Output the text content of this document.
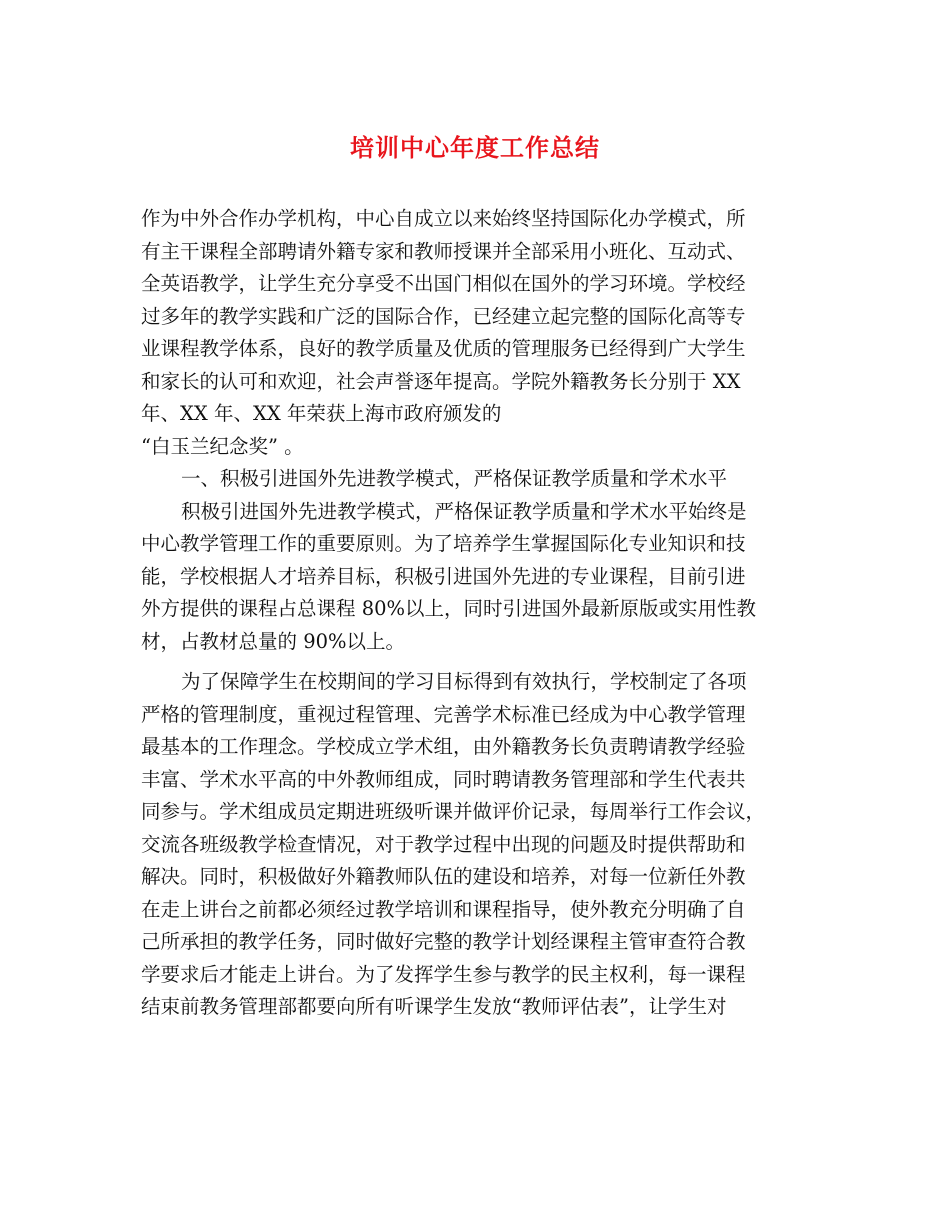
培训中心年度工作总结
作为中外合作办学机构，中心自成立以来始终坚持国际化办学模式，所
有主干课程全部聘请外籍专家和教师授课并全部采用小班化、互动式、
全英语教学，让学生充分享受不出国门相似在国外的学习环境。学校经
过多年的教学实践和广泛的国际合作，已经建立起完整的国际化高等专
业课程教学体系，良好的教学质量及优质的管理服务已经得到广大学生
和家长的认可和欢迎，社会声誉逐年提高。学院外籍教务长分别于 XX
年、XX 年、XX 年荣获上海市政府颁发的
“白玉兰纪念奖” 。
一、积极引进国外先进教学模式，严格保证教学质量和学术水平
积极引进国外先进教学模式，严格保证教学质量和学术水平始终是
中心教学管理工作的重要原则。为了培养学生掌握国际化专业知识和技
能，学校根据人才培养目标，积极引进国外先进的专业课程，目前引进
外方提供的课程占总课程 80%以上，同时引进国外最新原版或实用性教
材，占教材总量的 90%以上。
为了保障学生在校期间的学习目标得到有效执行，学校制定了各项
严格的管理制度，重视过程管理、完善学术标准已经成为中心教学管理
最基本的工作理念。学校成立学术组，由外籍教务长负责聘请教学经验
丰富、学术水平高的中外教师组成，同时聘请教务管理部和学生代表共
同参与。学术组成员定期进班级听课并做评价记录，每周举行工作会议，
交流各班级教学检查情况，对于教学过程中出现的问题及时提供帮助和
解决。同时，积极做好外籍教师队伍的建设和培养，对每一位新任外教
在走上讲台之前都必须经过教学培训和课程指导，使外教充分明确了自
己所承担的教学任务，同时做好完整的教学计划经课程主管审查符合教
学要求后才能走上讲台。为了发挥学生参与教学的民主权利，每一课程
结束前教务管理部都要向所有听课学生发放“教师评估表”，让学生对
